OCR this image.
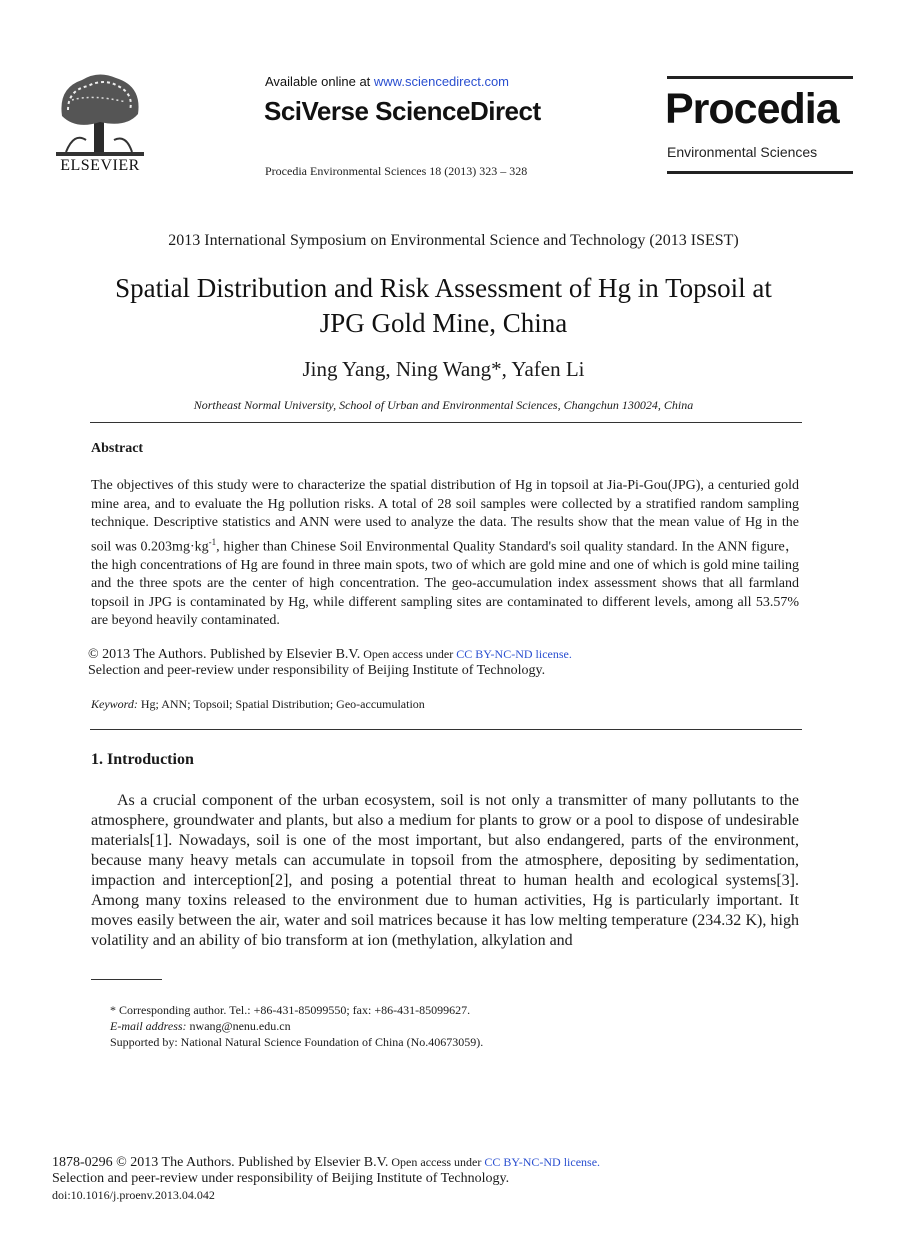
ELSEVIER
Available online at www.sciencedirect.com
SciVerse ScienceDirect
Procedia Environmental Sciences 18 (2013) 323 – 328
Procedia
Environmental Sciences
2013 International Symposium on Environmental Science and Technology (2013 ISEST)
Spatial Distribution and Risk Assessment of Hg in Topsoil at
JPG Gold Mine, China
Jing Yang, Ning Wang*, Yafen Li
Northeast Normal University, School of Urban and Environmental Sciences, Changchun 130024, China
Abstract
The objectives of this study were to characterize the spatial distribution of Hg in topsoil at Jia-Pi-Gou(JPG), a centuried gold mine area, and to evaluate the Hg pollution risks. A total of 28 soil samples were collected by a stratified random sampling technique. Descriptive statistics and ANN were used to analyze the data. The results show that the mean value of Hg in the soil was $0.203mg\cdot kg^{-1}$, higher than Chinese Soil Environmental Quality Standard's soil quality standard. In the ANN figure，the high concentrations of Hg are found in three main spots, two of which are gold mine and one of which is gold mine tailing and the three spots are the center of high concentration. The geo-accumulation index assessment shows that all farmland topsoil in JPG is contaminated by Hg, while different sampling sites are contaminated to different levels, among all 53.57% are beyond heavily contaminated.
© 2013 The Authors. Published by Elsevier B.V. Open access under CC BY-NC-ND license.
Selection and peer-review under responsibility of Beijing Institute of Technology.
Keyword: Hg; ANN; Topsoil; Spatial Distribution; Geo-accumulation
1. Introduction
As a crucial component of the urban ecosystem, soil is not only a transmitter of many pollutants to the atmosphere, groundwater and plants, but also a medium for plants to grow or a pool to dispose of undesirable materials[1]. Nowadays, soil is one of the most important, but also endangered, parts of the environment, because many heavy metals can accumulate in topsoil from the atmosphere, depositing by sedimentation, impaction and interception[2], and posing a potential threat to human health and ecological systems[3]. Among many toxins released to the environment due to human activities, Hg is particularly important. It moves easily between the air, water and soil matrices because it has low melting temperature (234.32 K), high volatility and an ability of bio transform at ion (methylation, alkylation and
* Corresponding author. Tel.: +86-431-85099550; fax: +86-431-85099627.
E-mail address: nwang@nenu.edu.cn
Supported by: National Natural Science Foundation of China (No.40673059).
1878-0296 © 2013 The Authors. Published by Elsevier B.V. Open access under CC BY-NC-ND license.
Selection and peer-review under responsibility of Beijing Institute of Technology.
doi:10.1016/j.proenv.2013.04.042
